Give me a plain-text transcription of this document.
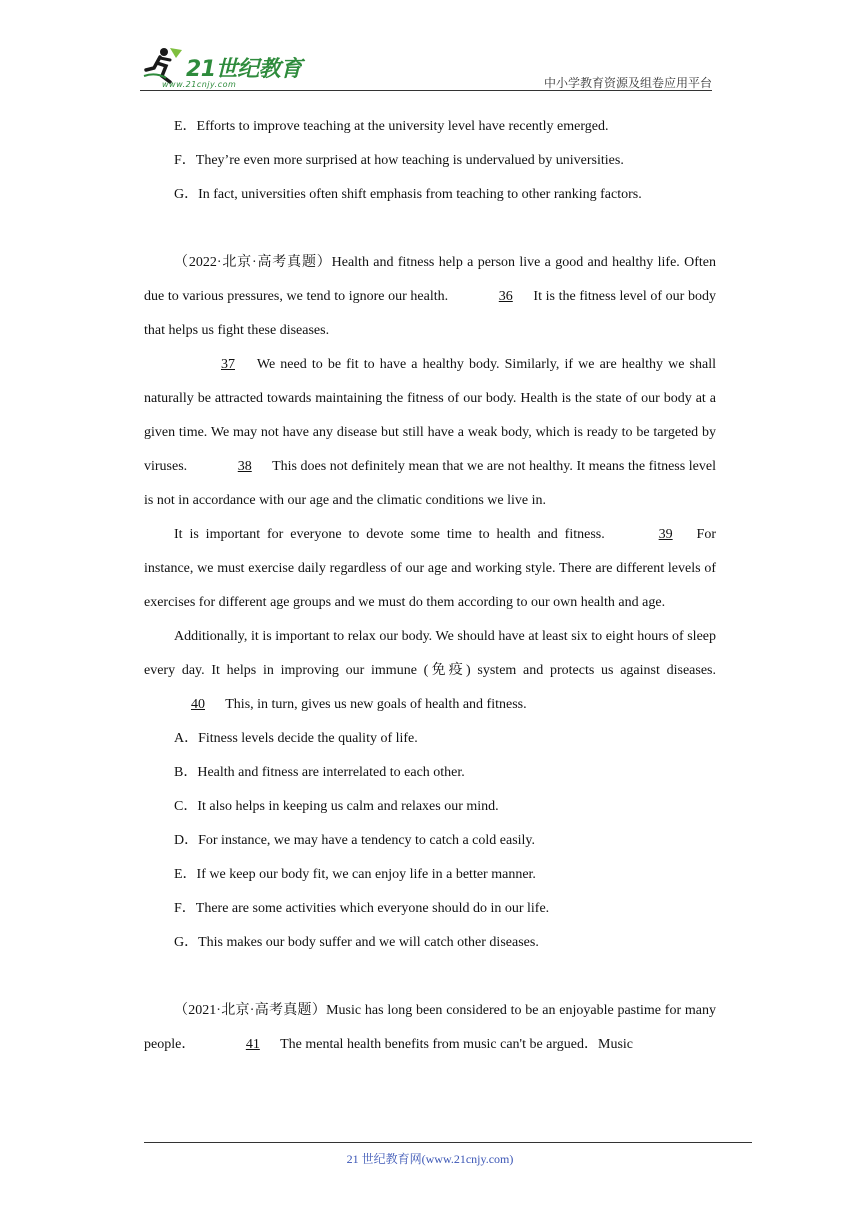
21世纪教育
www.21cnjy.com	中小学教育资源及组卷应用平台
E．Efforts to improve teaching at the university level have recently emerged.
F．They’re even more surprised at how teaching is undervalued by universities.
G．In fact, universities often shift emphasis from teaching to other ranking factors.
（2022·北京·高考真题）Health and fitness help a person live a good and healthy life. Often due to various pressures, we tend to ignore our health.	36 It is the fitness level of our body that helps us fight these diseases.
37 We need to be fit to have a healthy body. Similarly, if we are healthy we shall naturally be attracted towards maintaining the fitness of our body. Health is the state of our body at a given time. We may not have any disease but still have a weak body, which is ready to be targeted by viruses.	38 This does not definitely mean that we are not healthy. It means the fitness level is not in accordance with our age and the climatic conditions we live in.
It is important for everyone to devote some time to health and fitness.	39 For instance, we must exercise daily regardless of our age and working style. There are different levels of exercises for different age groups and we must do them according to our own health and age.
Additionally, it is important to relax our body. We should have at least six to eight hours of sleep every day. It helps in improving our immune (免疫) system and protects us against diseases. 40 This, in turn, gives us new goals of health and fitness.
A．Fitness levels decide the quality of life.
B．Health and fitness are interrelated to each other.
C．It also helps in keeping us calm and relaxes our mind.
D．For instance, we may have a tendency to catch a cold easily.
E．If we keep our body fit, we can enjoy life in a better manner.
F．There are some activities which everyone should do in our life.
G．This makes our body suffer and we will catch other diseases.
（2021·北京·高考真题）Music has long been considered to be an enjoyable pastime for many people．	41 The mental health benefits from music can't be argued．Music
21 世纪教育网(www.21cnjy.com)
